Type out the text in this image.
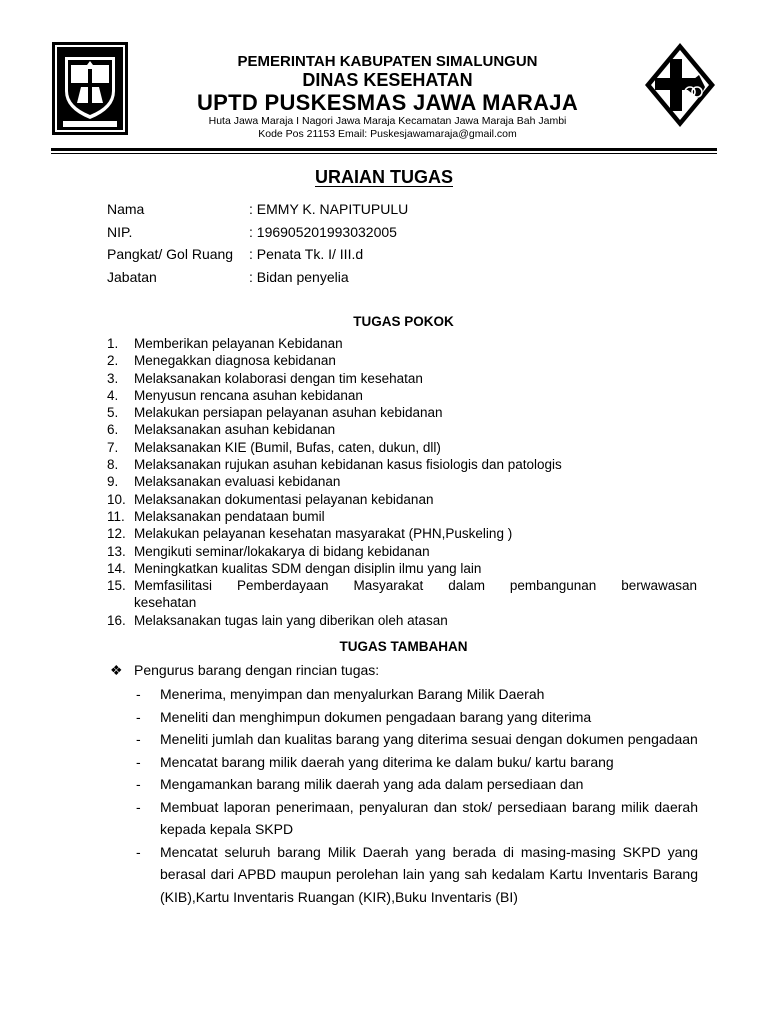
PEMERINTAH KABUPATEN SIMALUNGUN
DINAS KESEHATAN
UPTD PUSKESMAS JAWA MARAJA
Huta Jawa Maraja I Nagori Jawa Maraja Kecamatan Jawa Maraja Bah Jambi
Kode Pos 21153 Email: Puskesjawamaraja@gmail.com
URAIAN TUGAS
Nama	: EMMY K. NAPITUPULU
NIP.	: 196905201993032005
Pangkat/ Gol Ruang : Penata Tk. I/ III.d
Jabatan	: Bidan penyelia
TUGAS POKOK
1.	Memberikan pelayanan Kebidanan
2.	Menegakkan diagnosa kebidanan
3.	Melaksanakan kolaborasi dengan tim kesehatan
4.	Menyusun rencana asuhan kebidanan
5.	Melakukan persiapan pelayanan asuhan kebidanan
6.	Melaksanakan asuhan kebidanan
7.	Melaksanakan KIE (Bumil, Bufas, caten, dukun, dll)
8.	Melaksanakan rujukan asuhan kebidanan kasus fisiologis dan patologis
9.	Melaksanakan evaluasi kebidanan
10. Melaksanakan dokumentasi pelayanan kebidanan
11. Melaksanakan pendataan bumil
12. Melakukan pelayanan kesehatan masyarakat (PHN,Puskeling )
13. Mengikuti seminar/lokakarya di bidang kebidanan
14. Meningkatkan kualitas SDM dengan disiplin ilmu yang lain
15. Memfasilitasi Pemberdayaan Masyarakat dalam pembangunan berwawasan
kesehatan
16. Melaksanakan tugas lain yang diberikan oleh atasan
TUGAS TAMBAHAN
❖ Pengurus barang dengan rincian tugas:
-	Menerima, menyimpan dan menyalurkan Barang Milik Daerah
-	Meneliti dan menghimpun dokumen pengadaan barang yang diterima
-	Meneliti jumlah dan kualitas barang yang diterima sesuai dengan dokumen pengadaan
-	Mencatat barang milik daerah yang diterima ke dalam buku/ kartu barang
-	Mengamankan barang milik daerah yang ada dalam persediaan dan
-	Membuat laporan penerimaan, penyaluran dan stok/ persediaan barang milik daerah kepada kepala SKPD
-	Mencatat seluruh barang Milik Daerah yang berada di masing-masing SKPD yang berasal dari APBD maupun perolehan lain yang sah kedalam Kartu Inventaris Barang (KIB),Kartu Inventaris Ruangan (KIR),Buku Inventaris (BI)
